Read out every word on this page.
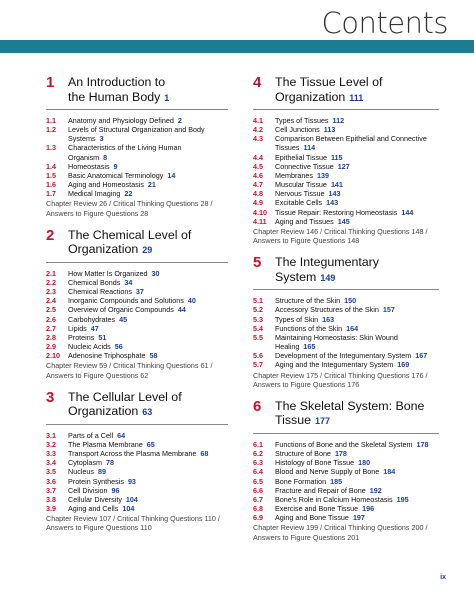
Contents
1	An Introduction to
the Human Body 1
1.1	Anatomy and Physiology Defined 2
1.2	Levels of Structural Organization and Body
Systems 3
1.3	Characteristics of the Living Human
Organism 8
1.4	Homeostasis 9
1.5	Basic Anatomical Terminology 14
1.6	Aging and Homeostasis 21
1.7	Medical Imaging 22
Chapter Review 26 / Critical Thinking Questions 28 /
Answers to Figure Questions 28
2	The Chemical Level of
Organization 29
2.1	How Matter Is Organized 30
2.2	Chemical Bonds 34
2.3	Chemical Reactions 37
2.4	Inorganic Compounds and Solutions 40
2.5	Overview of Organic Compounds 44
2.6	Carbohydrates 45
2.7	Lipids 47
2.8	Proteins 51
2.9	Nucleic Acids 56
2.10	Adenosine Triphosphate 58
Chapter Review 59 / Critical Thinking Questions 61 /
Answers to Figure Questions 62
3	The Cellular Level of
Organization 63
3.1	Parts of a Cell 64
3.2	The Plasma Membrane 65
3.3	Transport Across the Plasma Membrane 68
3.4	Cytoplasm 78
3.5	Nucleus 89
3.6	Protein Synthesis 93
3.7	Cell Division 96
3.8	Cellular Diversity 104
3.9	Aging and Cells 104
Chapter Review 107 / Critical Thinking Questions 110 /
Answers to Figure Questions 110
4	The Tissue Level of
Organization 111
4.1	Types of Tissues 112
4.2	Cell Junctions 113
4.3	Comparison Between Epithelial and Connective
Tissues 114
4.4	Epithelial Tissue 115
4.5	Connective Tissue 127
4.6	Membranes 139
4.7	Muscular Tissue 141
4.8	Nervous Tissue 143
4.9	Excitable Cells 143
4.10	Tissue Repair: Restoring Homeostasis 144
4.11	Aging and Tissues 145
Chapter Review 146 / Critical Thinking Questions 148 /
Answers to Figure Questions 148
5	The Integumentary System 149
5.1	Structure of the Skin 150
5.2	Accessory Structures of the Skin 157
5.3	Types of Skin 163
5.4	Functions of the Skin 164
5.5	Maintaining Homeostasis: Skin Wound
Healing 165
5.6	Development of the Integumentary System 167
5.7	Aging and the Integumentary System 169
Chapter Review 175 / Critical Thinking Questions 176 /
Answers to Figure Questions 176
6	The Skeletal System: Bone
Tissue 177
6.1	Functions of Bone and the Skeletal System 178
6.2	Structure of Bone 178
6.3	Histology of Bone Tissue 180
6.4	Blood and Nerve Supply of Bone 184
6.5	Bone Formation 185
6.6	Fracture and Repair of Bone 192
6.7	Bone's Role in Calcium Homeostasis 195
6.8	Exercise and Bone Tissue 196
6.9	Aging and Bone Tissue 197
Chapter Review 199 / Critical Thinking Questions 200 /
Answers to Figure Questions 201
ix
